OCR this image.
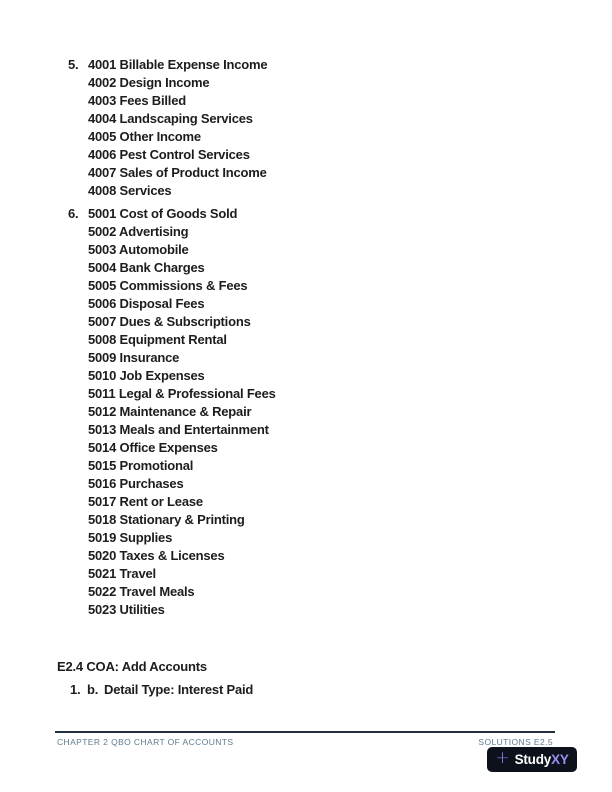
5. 4001 Billable Expense Income
4002 Design Income
4003 Fees Billed
4004 Landscaping Services
4005 Other Income
4006 Pest Control Services
4007 Sales of Product Income
4008 Services
6. 5001 Cost of Goods Sold
5002 Advertising
5003 Automobile
5004 Bank Charges
5005 Commissions & Fees
5006 Disposal Fees
5007 Dues & Subscriptions
5008 Equipment Rental
5009 Insurance
5010 Job Expenses
5011 Legal & Professional Fees
5012 Maintenance & Repair
5013 Meals and Entertainment
5014 Office Expenses
5015 Promotional
5016 Purchases
5017 Rent or Lease
5018 Stationary & Printing
5019 Supplies
5020 Taxes & Licenses
5021 Travel
5022 Travel Meals
5023 Utilities
E2.4 COA: Add Accounts
1. b. Detail Type: Interest Paid
CHAPTER 2 QBO CHART OF ACCOUNTS	SOLUTIONS E2.5
+ StudyXY
